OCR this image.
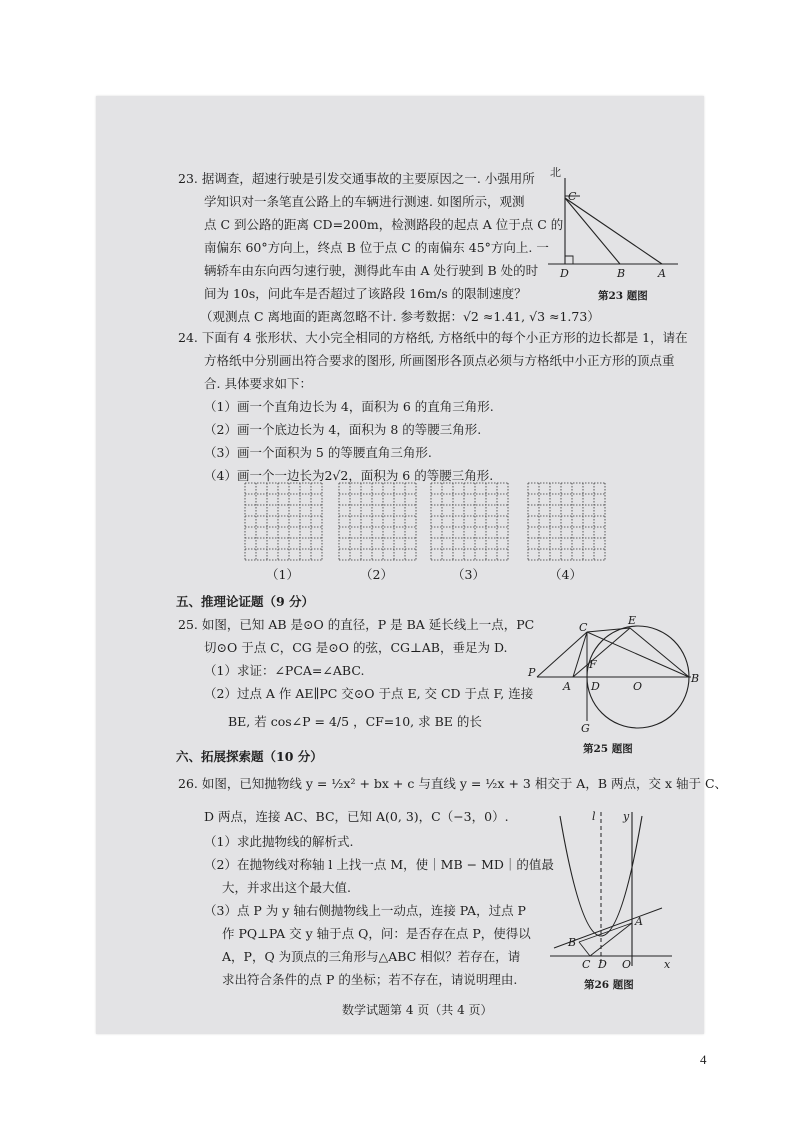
23. 据调查，超速行驶是引发交通事故的主要原因之一. 小强用所
学知识对一条笔直公路上的车辆进行测速. 如图所示，观测
点 C 到公路的距离 CD=200m，检测路段的起点 A 位于点 C 的
南偏东 60°方向上，终点 B 位于点 C 的南偏东 45°方向上. 一
辆轿车由东向西匀速行驶，测得此车由 A 处行驶到 B 处的时
间为 10s，问此车是否超过了该路段 16m/s 的限制速度？
（观测点 C 离地面的距离忽略不计. 参考数据：√2 ≈1.41, √3 ≈1.73）
北
C
D	B	A
第23 题图
24. 下面有 4 张形状、大小完全相同的方格纸, 方格纸中的每个小正方形的边长都是 1，请在
方格纸中分别画出符合要求的图形, 所画图形各顶点必须与方格纸中小正方形的顶点重
合. 具体要求如下：
（1）画一个直角边长为 4，面积为 6 的直角三角形.
（2）画一个底边长为 4，面积为 8 的等腰三角形.
（3）画一个面积为 5 的等腰直角三角形.
（4）画一个一边长为2√2，面积为 6 的等腰三角形.
（1）	（2）	（3）	（4）
五、推理论证题（9 分）
25. 如图，已知 AB 是⊙O 的直径，P 是 BA 延长线上一点，PC
切⊙O 于点 C，CG 是⊙O 的弦，CG⊥AB，垂足为 D.
（1）求证：∠PCA=∠ABC.
（2）过点 A 作 AE∥PC 交⊙O 于点 E, 交 CD 于点 F, 连接
BE, 若 cos∠P = 4/5 ，CF=10, 求 BE 的长
C
E
P
A D
F
O
B
G
第25 题图
六、拓展探索题（10 分）
26. 如图，已知抛物线 y = ½x² + bx + c 与直线 y = ½x + 3 相交于 A，B 两点，交 x 轴于 C、
D 两点，连接 AC、BC，已知 A(0, 3)，C（−3，0）.
（1）求此抛物线的解析式.
（2）在抛物线对称轴 l 上找一点 M，使｜MB − MD｜的值最
大，并求出这个最大值.
（3）点 P 为 y 轴右侧抛物线上一动点，连接 PA，过点 P
作 PQ⊥PA 交 y 轴于点 Q，问：是否存在点 P，使得以
A，P，Q 为顶点的三角形与△ABC 相似？若存在，请
求出符合条件的点 P 的坐标；若不存在，请说明理由.
l y
A
B
C D O	x
第26 题图
数学试题第 4 页（共 4 页）
4
